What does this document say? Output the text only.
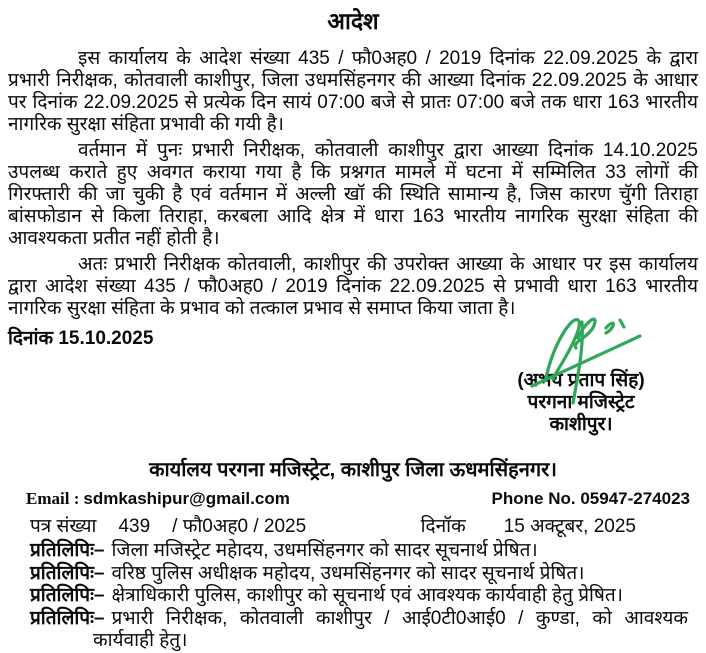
आदेश

इस कार्यालय के आदेश संख्या 435 / फौ0अह0 / 2019 दिनांक 22.09.2025 के द्वारा प्रभारी निरीक्षक, कोतवाली काशीपुर, जिला उधमसिंहनगर की आख्या दिनांक 22.09.2025 के आधार पर दिनांक 22.09.2025 से प्रत्येक दिन सायं 07:00 बजे से प्रातः 07:00 बजे तक धारा 163 भारतीय नागरिक सुरक्षा संहिता प्रभावी की गयी है।

वर्तमान में पुनः प्रभारी निरीक्षक, कोतवाली काशीपुर द्वारा आख्या दिनांक 14.10.2025 उपलब्ध कराते हुए अवगत कराया गया है कि प्रश्नगत मामले में घटना में सम्मिलित 33 लोगों की गिरफ्तारी की जा चुकी है एवं वर्तमान में अल्ली खॉ की स्थिति सामान्य है, जिस कारण चुॅगी तिराहा बांसफोडान से किला तिराहा, करबला आदि क्षेत्र में धारा 163 भारतीय नागरिक सुरक्षा संहिता की आवश्यकता प्रतीत नहीं होती है।

अतः प्रभारी निरीक्षक कोतवाली, काशीपुर की उपरोक्त आख्या के आधार पर इस कार्यालय द्वारा आदेश संख्या 435 / फौ0अह0 / 2019 दिनांक 22.09.2025 से प्रभावी धारा 163 भारतीय नागरिक सुरक्षा संहिता के प्रभाव को तत्काल प्रभाव से समाप्त किया जाता है।

दिनांक 15.10.2025
(अभय प्रताप सिंह)
परगना मजिस्ट्रेट
काशीपुर।
कार्यालय परगना मजिस्ट्रेट, काशीपुर जिला ऊधमसिंहनगर।
Email : sdmkashipur@gmail.com	Phone No. 05947-274023
पत्र संख्या 439 / फौ0अह0 / 2025	दिनॉक 15 अक्टूबर, 2025
प्रतिलिपिः– जिला मजिस्ट्रेट महेादय, उधमसिंहनगर को सादर सूचनार्थ प्रेषित।
प्रतिलिपिः– वरिष्ठ पुलिस अधीक्षक महोदय, उधमसिंहनगर को सादर सूचनार्थ प्रेषित।
प्रतिलिपिः– क्षेत्राधिकारी पुलिस, काशीपुर को सूचनार्थ एवं आवश्यक कार्यवाही हेतु प्रेषित।
प्रतिलिपिः– प्रभारी निरीक्षक, कोतवाली काशीपुर / आई0टी0आई0 / कुण्डा, को आवश्यक कार्यवाही हेतु।
